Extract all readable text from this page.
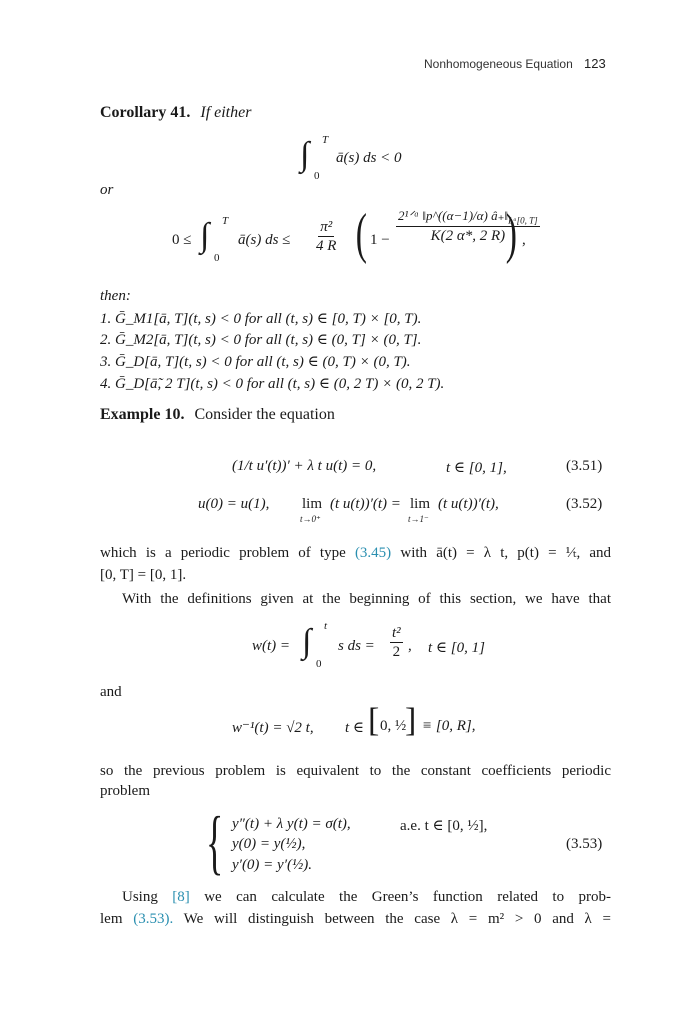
Nonhomogeneous Equation 123
Corollary 41. If either
∫ T
0
ā(s) ds < 0
or
0 ≤ ∫ T
0
ā(s) ds ≤ $\frac{\text{π²}}{4 R}$ ( 1 −
2¹ᐟᵅ ‖p^((α−1)/α) $â_+‖_{Lᵅ[0, T]}$
K(2 α*, 2 R) ) ,
then:
1. Ḡ_M1[ā, T](t, s) < 0 for all (t, s) ∈ [0, T) × [0, T).
2. Ḡ_M2[ā, T](t, s) < 0 for all (t, s) ∈ (0, T] × (0, T].
3. Ḡ_D[ā, T](t, s) < 0 for all (t, s) ∈ (0, T) × (0, T).
4. Ḡ_D[ā̃, 2 T](t, s) < 0 for all (t, s) ∈ (0, 2 T) × (0, 2 T).
Example 10. Consider the equation
(1/t u′(t))′ + λ t u(t) = 0,	t ∈ [0, 1],	(3.51)
u(0) = u(1), lim
t→0⁺
(t u(t))′(t) = lim
t→1⁻
(t u(t))′(t),	(3.52)
which is a periodic problem of type (3.45) with ā(t) = λ t, p(t) = ¹⁄ₜ, and
[0, T] = [0, 1].
With the definitions given at the beginning of this section, we have that
w(t) = ∫ t
0
s ds = $\frac{\text{t²}}{2}$ , t ∈ [0, 1]
and
w⁻¹(t) = √2 t, t ∈ [ 0, ½
] ≡ [0, R],
so the previous problem is equivalent to the constant coefficients periodic
problem
{ y″(t) + λ y(t) = σ(t),	a.e. t ∈ [0, ½],
y(0) = y(½),
y′(0) = y′(½).
(3.53)
Using [8] we can calculate the Green’s function related to prob-
lem (3.53). We will distinguish between the case λ = m² > 0 and λ =
